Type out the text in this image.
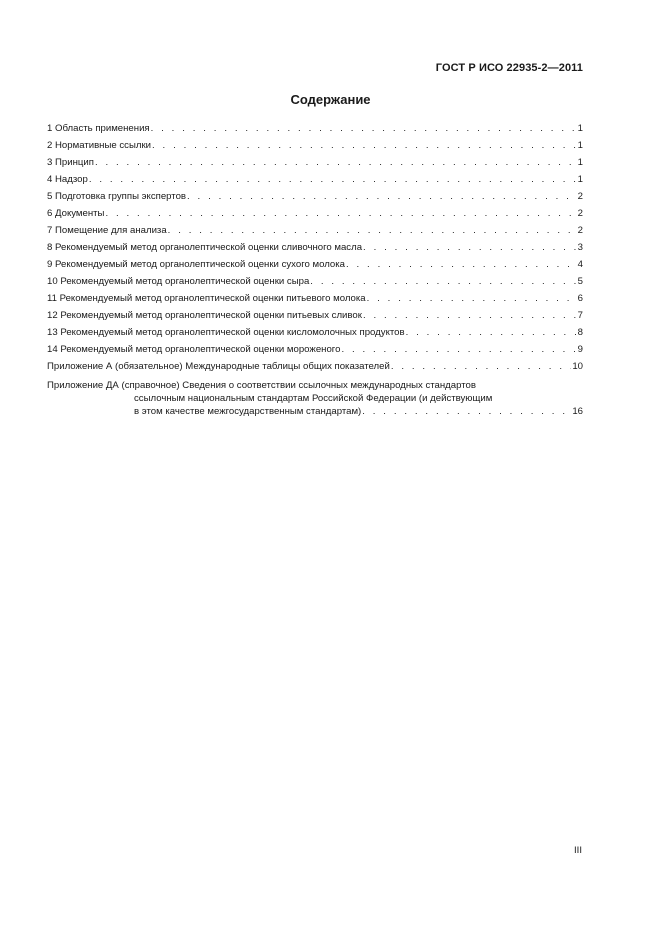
ГОСТ Р ИСО 22935-2—2011
Содержание
1 Область применения . . .	1
2 Нормативные ссылки . . .	1
3 Принцип . . .	1
4 Надзор . . .	1
5 Подготовка группы экспертов . . .	2
6 Документы . . .	2
7 Помещение для анализа . . .	2
8 Рекомендуемый метод органолептической оценки сливочного масла . . .	3
9 Рекомендуемый метод органолептической оценки сухого молока . . .	4
10 Рекомендуемый метод органолептической оценки сыра . . .	5
11 Рекомендуемый метод органолептической оценки питьевого молока . . .	6
12 Рекомендуемый метод органолептической оценки питьевых сливок . . .	7
13 Рекомендуемый метод органолептической оценки кисломолочных продуктов . . .	8
14 Рекомендуемый метод органолептической оценки мороженого . . .	9
Приложение А (обязательное) Международные таблицы общих показателей . . .	10
Приложение ДА (справочное) Сведения о соответствии ссылочных международных стандартов
ссылочным национальным стандартам Российской Федерации (и действующим
в этом качестве межгосударственным стандартам) . . .	16
III
